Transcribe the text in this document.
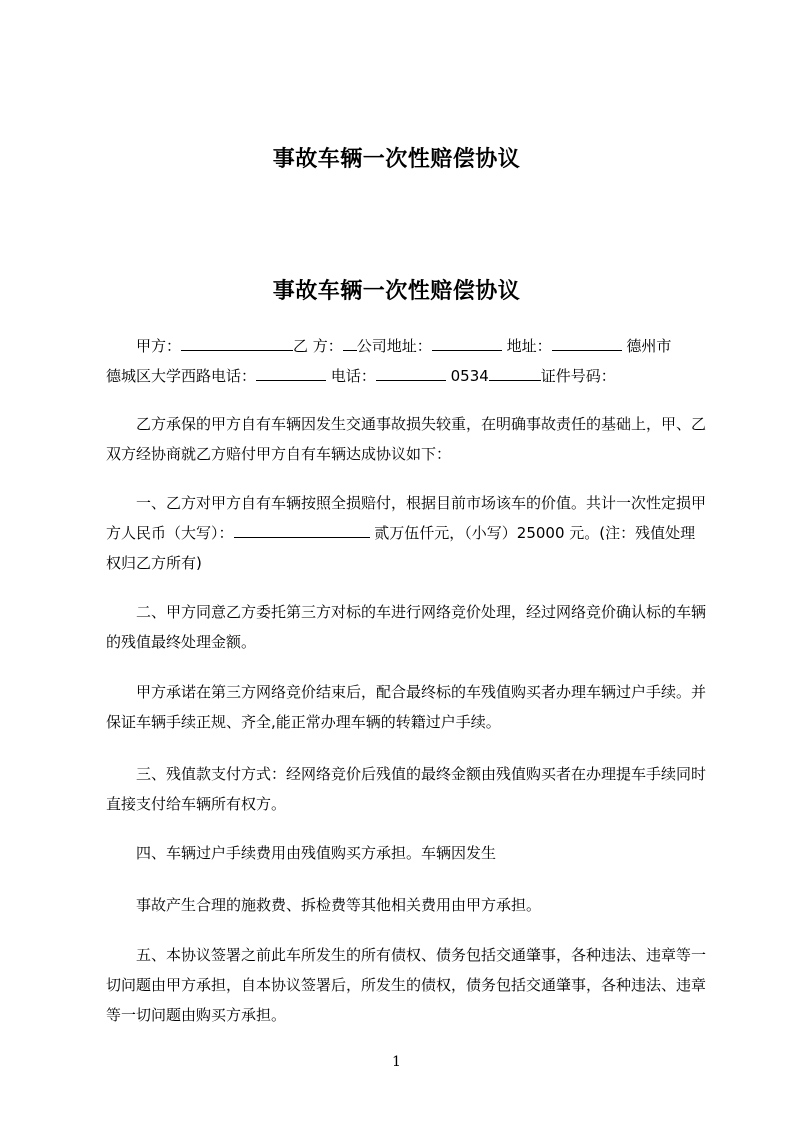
事故车辆一次性赔偿协议
事故车辆一次性赔偿协议

甲方：	乙 方： 公司地址：	地址：	德州市德城区大学西路电话：	电话：	0534	证件号码：

乙方承保的甲方自有车辆因发生交通事故损失较重，在明确事故责任的基础上，甲、乙双方经协商就乙方赔付甲方自有车辆达成协议如下：

一、乙方对甲方自有车辆按照全损赔付，根据目前市场该车的价值。共计一次性定损甲方人民币（大写）：	贰万伍仟元，（小写）25000 元。(注：残值处理权归乙方所有)

二、甲方同意乙方委托第三方对标的车进行网络竞价处理，经过网络竞价确认标的车辆的残值最终处理金额。

甲方承诺在第三方网络竞价结束后，配合最终标的车残值购买者办理车辆过户手续。并保证车辆手续正规、齐全,能正常办理车辆的转籍过户手续。

三、残值款支付方式：经网络竞价后残值的最终金额由残值购买者在办理提车手续同时直接支付给车辆所有权方。

四、车辆过户手续费用由残值购买方承担。车辆因发生

事故产生合理的施救费、拆检费等其他相关费用由甲方承担。

五、本协议签署之前此车所发生的所有债权、债务包括交通肇事，各种违法、违章等一切问题由甲方承担，自本协议签署后，所发生的债权，债务包括交通肇事，各种违法、违章等一切问题由购买方承担。

1
